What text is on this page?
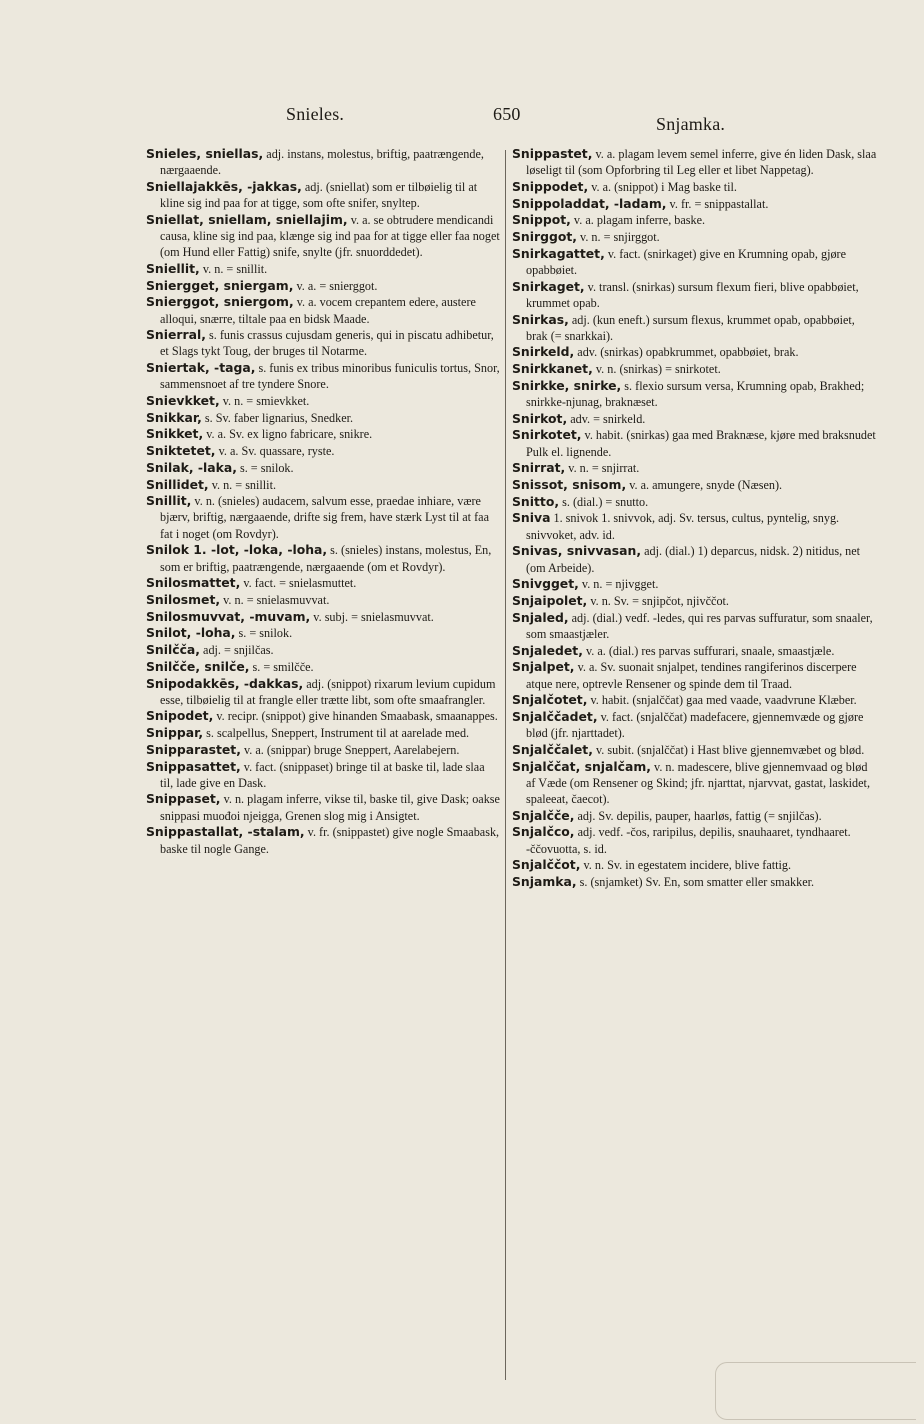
Snieles.	650	Snjamka.

Snieles, sniellas, adj. instans, molestus, briftig, paatrængende, nærgaaende.

Sniellajakkēs, -jakkas, adj. (sniellat) som er tilbøielig til at kline sig ind paa for at tigge, som ofte snifer, snyltер.

Sniellat, sniellam, sniellajim, v. a. se obtrudere mendicandi causa, kline sig ind paa, klænge sig ind paa for at tigge eller faa noget (om Hund eller Fattig) snife, snylte (jfr. snuorddedet).

Sniellit, v. n. = snillit.

Sniergget, sniergam, v. a. = snierggot.

Snierggot, sniergom, v. a. vocem crepantem edere, austere alloqui, snærre, tiltale paa en bidsk Maade.

Snierral, s. funis crassus cujusdam generis, qui in piscatu adhibetur, et Slags tykt Toug, der bruges til Notarme.

Sniertak, -taga, s. funis ex tribus minoribus funiculis tortus, Snor, sammensnoet af tre tyndere Snore.

Snievkket, v. n. = smievkket.

Snikkar, s. Sv. faber lignarius, Snedker.

Snikket, v. a. Sv. ex ligno fabricare, snikre.

Sniktetet, v. a. Sv. quassare, ryste.

Snilak, -laka, s. = snilok.

Snillidet, v. n. = snillit.

Snillit, v. n. (snieles) audacem, salvum esse, praedae inhiare, være bjærv, briftig, nærgaaende, drifte sig frem, have stærk Lyst til at faa fat i noget (om Rovdyr).

Snilok 1. -lot, -loka, -loha, s. (snieles) instans, molestus, En, som er briftig, paatrængende, nærgaaende (om et Rovdyr).

Snilosmattet, v. fact. = snielasmuttet.

Snilosmet, v. n. = snielasmuvvat.

Snilosmuvvat, -muvam, v. subj. = snielasmuvvat.

Snilot, -loha, s. = snilok.

Snilčča, adj. = snjilčas.

Snilčče, snilče, s. = smilčče.

Snipodakkēs, -dakkas, adj. (snippot) rixarum levium cupidum esse, tilbøielig til at frangle eller trætte libt, som ofte smaafrangler.

Snipodet, v. recipr. (snippot) give hinanden Smaabask, smaanappes.

Snippar, s. scalpellus, Sneppert, Instrument til at aarelade med.

Snipparastet, v. a. (snippar) bruge Sneppert, Aarelabejern.

Snippasattet, v. fact. (snippaset) bringe til at baske til, lade slaa til, lade give en Dask.

Snippaset, v. n. plagam inferre, vikse til, baske til, give Dask; oakse snippasi muođoi njeigga, Grenen slog mig i Ansigtet.

Snippastallat, -stalam, v. fr. (snippastet) give nogle Smaabask, baske til nogle Gange.

Snippastet, v. a. plagam levem semel inferre, give én liden Dask, slaa løseligt til (som Opforbring til Leg eller et libet Nappetag).

Snippodet, v. a. (snippot) i Mag baske til.

Snippoladdat, -ladam, v. fr. = snippastallat.

Snippot, v. a. plagam inferre, baske.

Snirggot, v. n. = snjirggot.

Snirkagattet, v. fact. (snirkaget) give en Krumning opab, gjøre opabbøiet.

Snirkaget, v. transl. (snirkas) sursum flexum fieri, blive opabbøiet, krummet opab.

Snirkas, adj. (kun eneft.) sursum flexus, krummet opab, opabbøiet, brak (= snarkkai).

Snirkeld, adv. (snirkas) opabkrummet, opabbøiet, brak.

Snirkkanet, v. n. (snirkas) = snirkotet.

Snirkke, snirke, s. flexio sursum versa, Krumning opab, Brakhed; snirkke-njunag, braknæset.

Snirkot, adv. = snirkeld.

Snirkotet, v. habit. (snirkas) gaa med Braknæse, kjøre med braksnudet Pulk el. lignende.

Snirrat, v. n. = snjirrat.

Snissot, snisom, v. a. amungere, snyde (Næsen).

Snitto, s. (dial.) = snutto.

Sniva 1. snivok 1. snivvok, adj. Sv. tersus, cultus, pyntelig, snyg. snivvoket, adv. id.

Snivas, snivvasan, adj. (dial.) 1) deparcus, nidsk. 2) nitidus, net (om Arbeide).

Snivgget, v. n. = njivgget.

Snjaipolet, v. n. Sv. = snjipčot, njivččot.

Snjaled, adj. (dial.) vedf. -ledes, qui res parvas suffuratur, som snaaler, som smaastjæler.

Snjaledet, v. a. (dial.) res parvas suffurari, snaale, smaastjæle.

Snjalpet, v. a. Sv. suonait snjalpet, tendines rangiferinos discerpere atque nere, optrevle Rensener og spinde dem til Traad.

Snjalčotet, v. habit. (snjalččat) gaa med vaade, vaadvrune Klæber.

Snjalččadet, v. fact. (snjalččat) madefacere, gjennemvæde og gjøre blød (jfr. njarttadet).

Snjalččalet, v. subit. (snjalččat) i Hast blive gjennemvæbet og blød.

Snjalččat, snjalčam, v. n. madescere, blive gjennemvaad og blød af Væde (om Rensener og Skind; jfr. njarttat, njarvvat, gastat, laskidet, spaleeat, čaecot).

Snjalčče, adj. Sv. depilis, pauper, haarløs, fattig (= snjilčas).

Snjalčco, adj. vedf. -čos, raripilus, depilis, snauhaaret, tyndhaaret. -ččovuotta, s. id.

Snjalččot, v. n. Sv. in egestatem incidere, blive fattig.

Snjamka, s. (snjamket) Sv. En, som smatter eller smakker.
